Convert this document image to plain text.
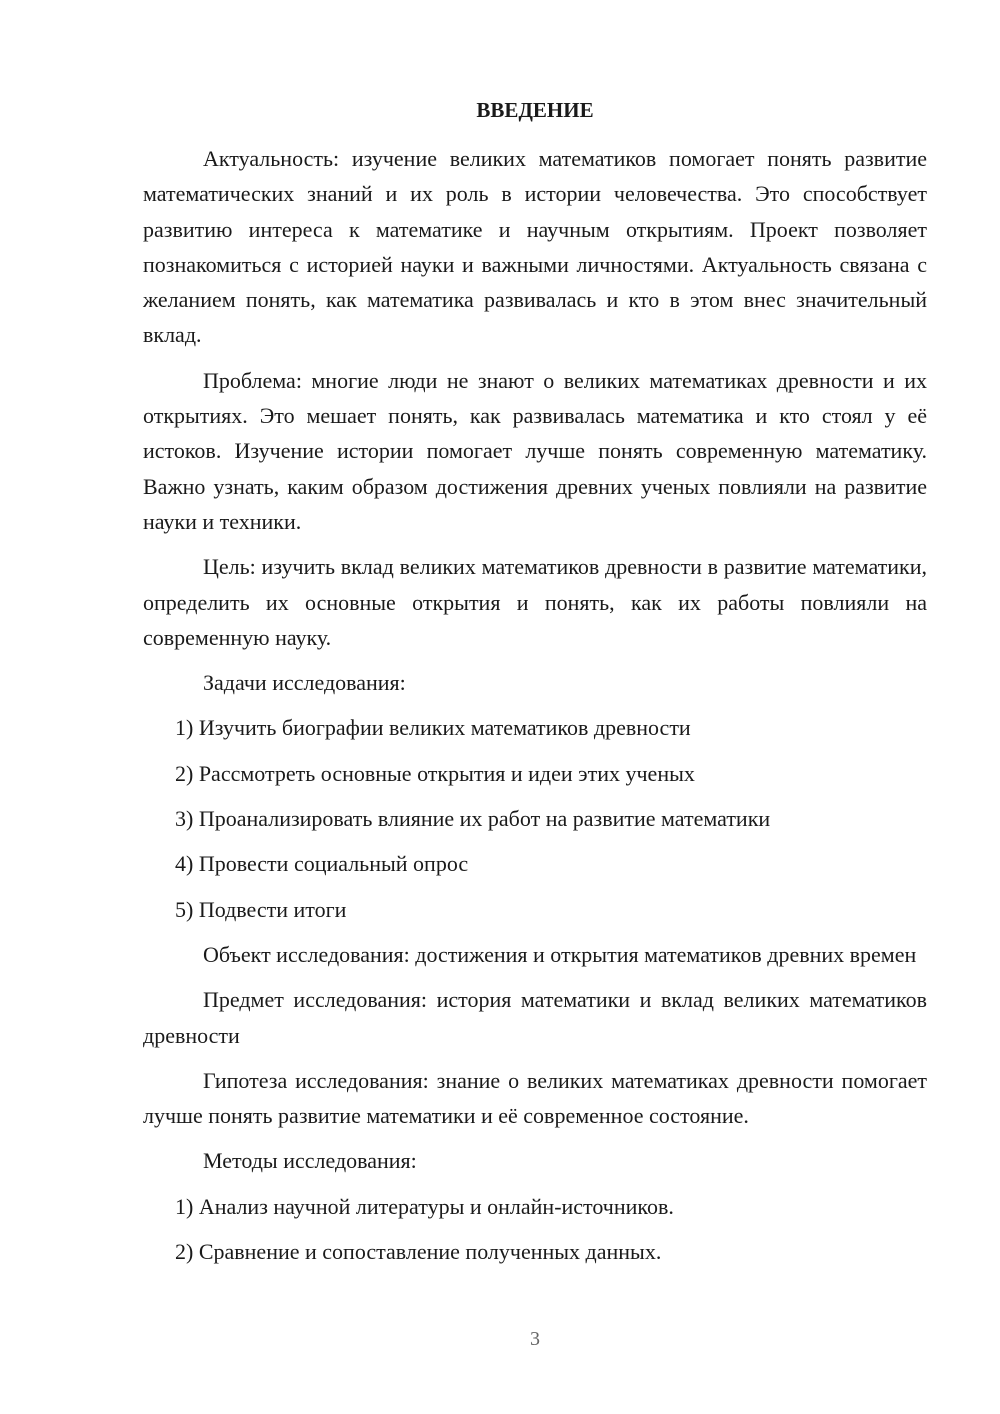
ВВЕДЕНИЕ

Актуальность: изучение великих математиков помогает понять развитие математических знаний и их роль в истории человечества. Это способствует развитию интереса к математике и научным открытиям. Проект позволяет познакомиться с историей науки и важными личностями. Актуальность связана с желанием понять, как математика развивалась и кто в этом внес значительный вклад.

Проблема: многие люди не знают о великих математиках древности и их открытиях. Это мешает понять, как развивалась математика и кто стоял у её истоков. Изучение истории помогает лучше понять современную математику. Важно узнать, каким образом достижения древних ученых повлияли на развитие науки и техники.

Цель: изучить вклад великих математиков древности в развитие математики, определить их основные открытия и понять, как их работы повлияли на современную науку.

Задачи исследования:

1) Изучить биографии великих математиков древности

2) Рассмотреть основные открытия и идеи этих ученых

3) Проанализировать влияние их работ на развитие математики

4) Провести социальный опрос

5) Подвести итоги

Объект исследования: достижения и открытия математиков древних времен

Предмет исследования: история математики и вклад великих математиков древности

Гипотеза исследования: знание о великих математиках древности помогает лучше понять развитие математики и её современное состояние.

Методы исследования:

1) Анализ научной литературы и онлайн-источников.

2) Сравнение и сопоставление полученных данных.

3
